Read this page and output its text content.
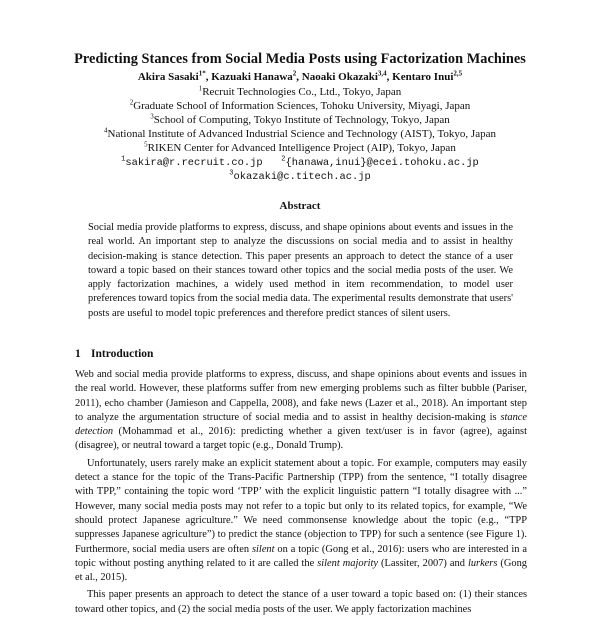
Predicting Stances from Social Media Posts using Factorization Machines
Akira Sasaki$^{1*}$, Kazuaki Hanawa$^2$, Naoaki Okazaki$^{3,4}$, Kentaro Inui$^{2,5}$
$^1$Recruit Technologies Co., Ltd., Tokyo, Japan
$^2$Graduate School of Information Sciences, Tohoku University, Miyagi, Japan
$^3$School of Computing, Tokyo Institute of Technology, Tokyo, Japan
$^4$National Institute of Advanced Industrial Science and Technology (AIST), Tokyo, Japan
$^5$RIKEN Center for Advanced Intelligence Project (AIP), Tokyo, Japan
$^1$sakira@r.recruit.co.jp	$^2${hanawa,inui}@ecei.tohoku.ac.jp
$^3$okazaki@c.titech.ac.jp
Abstract

Social media provide platforms to express, discuss, and shape opinions about events and issues in the real world. An important step to analyze the discussions on social media and to assist in healthy decision-making is stance detection. This paper presents an approach to detect the stance of a user toward a topic based on their stances toward other topics and the social media posts of the user. We apply factorization machines, a widely used method in item recommendation, to model user preferences toward topics from the social media data. The experimental results demonstrate that users' posts are useful to model topic preferences and therefore predict stances of silent users.

1 Introduction

Web and social media provide platforms to express, discuss, and shape opinions about events and issues in the real world. However, these platforms suffer from new emerging problems such as filter bubble (Pariser, 2011), echo chamber (Jamieson and Cappella, 2008), and fake news (Lazer et al., 2018). An important step to analyze the argumentation structure of social media and to assist in healthy decision-making is stance detection (Mohammad et al., 2016): predicting whether a given text/user is in favor (agree), against (disagree), or neutral toward a target topic (e.g., Donald Trump).

Unfortunately, users rarely make an explicit statement about a topic. For example, computers may easily detect a stance for the topic of the Trans-Pacific Partnership (TPP) from the sentence, “I totally disagree with TPP,” containing the topic word ‘TPP’ with the explicit linguistic pattern “I totally disagree with ...” However, many social media posts may not refer to a topic but only to its related topics, for example, “We should protect Japanese agriculture.” We need commonsense knowledge about the topic (e.g., “TPP suppresses Japanese agriculture”) to predict the stance (objection to TPP) for such a sentence (see Figure 1). Furthermore, social media users are often silent on a topic (Gong et al., 2016): users who are interested in a topic without posting anything related to it are called the silent majority (Lassiter, 2007) and lurkers (Gong et al., 2015).

This paper presents an approach to detect the stance of a user toward a topic based on: (1) their stances toward other topics, and (2) the social media posts of the user. We apply factorization machines
